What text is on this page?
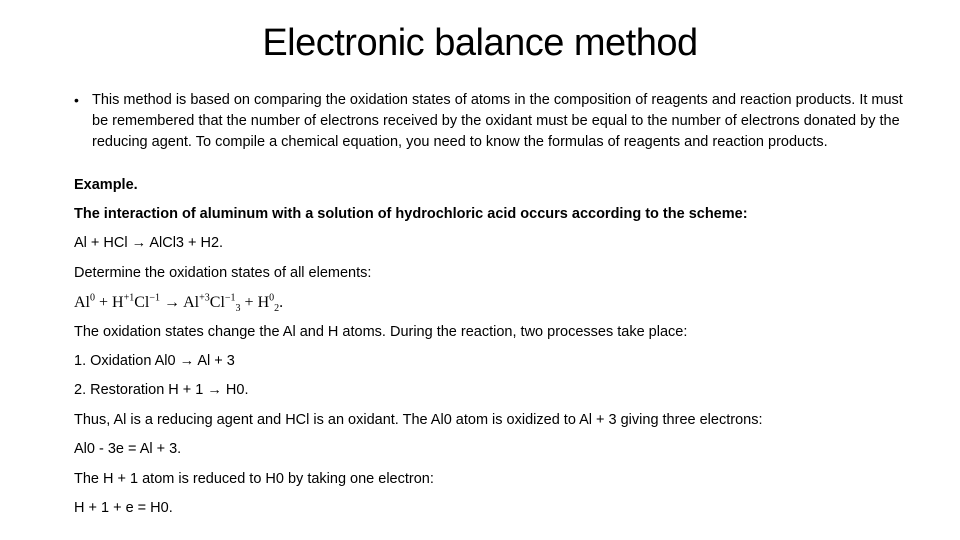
Electronic balance method
• This method is based on comparing the oxidation states of atoms in the composition of reagents and reaction products. It must be remembered that the number of electrons received by the oxidant must be equal to the number of electrons donated by the reducing agent. To compile a chemical equation, you need to know the formulas of reagents and reaction products.
Example.
The interaction of aluminum with a solution of hydrochloric acid occurs according to the scheme:
Al + HCl → AlCl3 + H2.
Determine the oxidation states of all elements:
$Al^0 + H^{+1}Cl^{-1} \to Al^{+3}Cl^{-1}_3 + H^0_2$.
The oxidation states change the Al and H atoms. During the reaction, two processes take place:
1. Oxidation Al0 → Al + 3
2. Restoration H + 1 → H0.
Thus, Al is a reducing agent and HCl is an oxidant. The Al0 atom is oxidized to Al + 3 giving three electrons:
Al0 - 3e = Al + 3.
The H + 1 atom is reduced to H0 by taking one electron:
H + 1 + e = H0.
